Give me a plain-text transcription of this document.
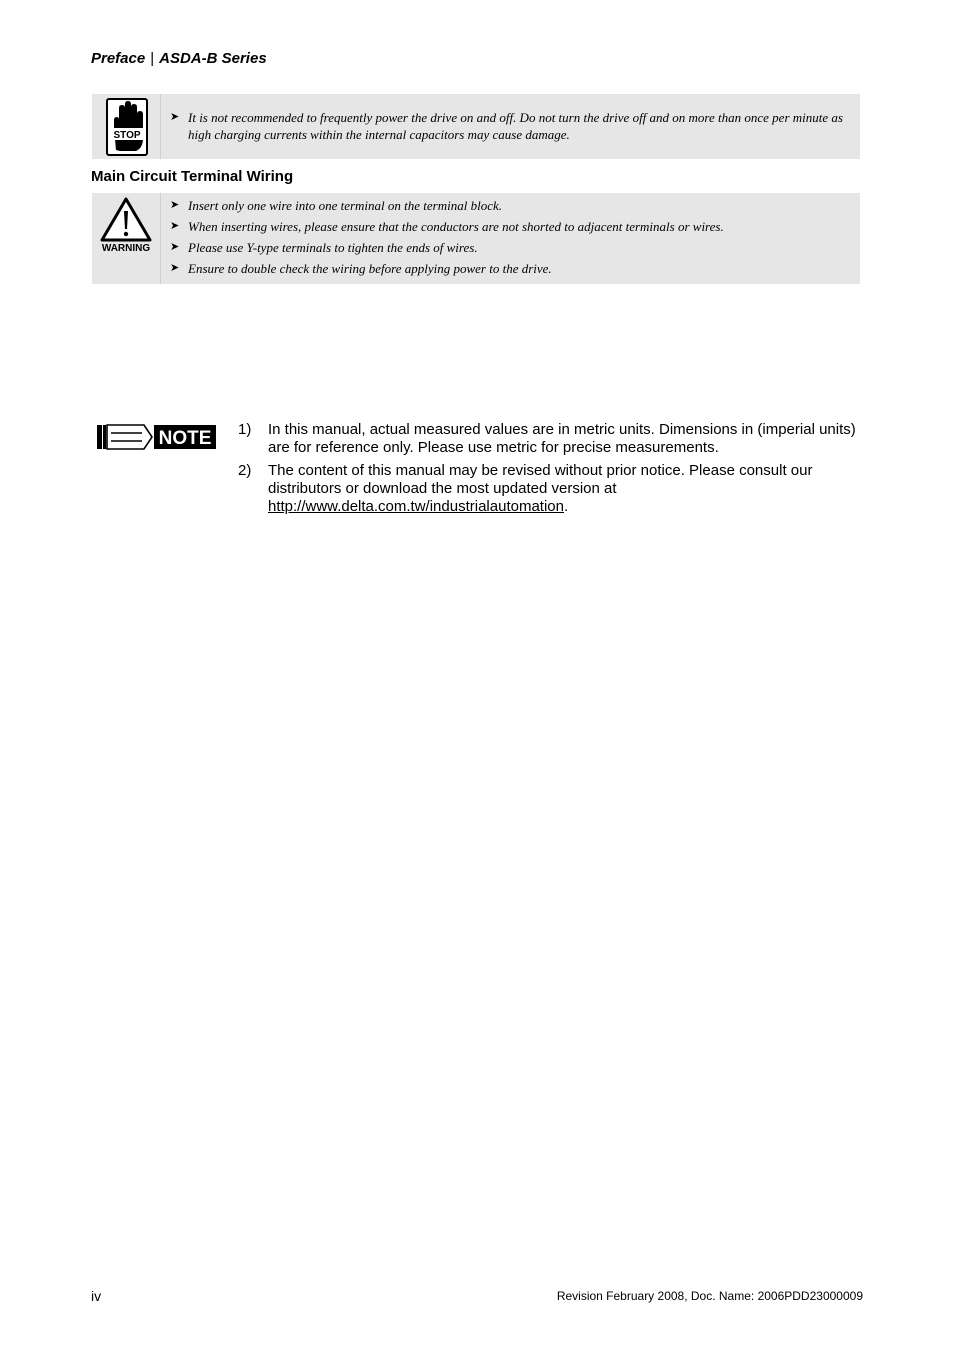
Preface | ASDA-B Series
STOP
➤ It is not recommended to frequently power the drive on and off. Do not turn the drive off and on more than once per minute as high charging currents within the internal capacitors may cause damage.
Main Circuit Terminal Wiring
WARNING
➤ Insert only one wire into one terminal on the terminal block.
➤ When inserting wires, please ensure that the conductors are not shorted to adjacent terminals or wires.
➤ Please use Y-type terminals to tighten the ends of wires.
➤ Ensure to double check the wiring before applying power to the drive.
NOTE 1) In this manual, actual measured values are in metric units. Dimensions in (imperial units) are for reference only. Please use metric for precise measurements.
2) The content of this manual may be revised without prior notice. Please consult our distributors or download the most updated version at
http://www.delta.com.tw/industrialautomation.
iv	Revision February 2008, Doc. Name: 2006PDD23000009
